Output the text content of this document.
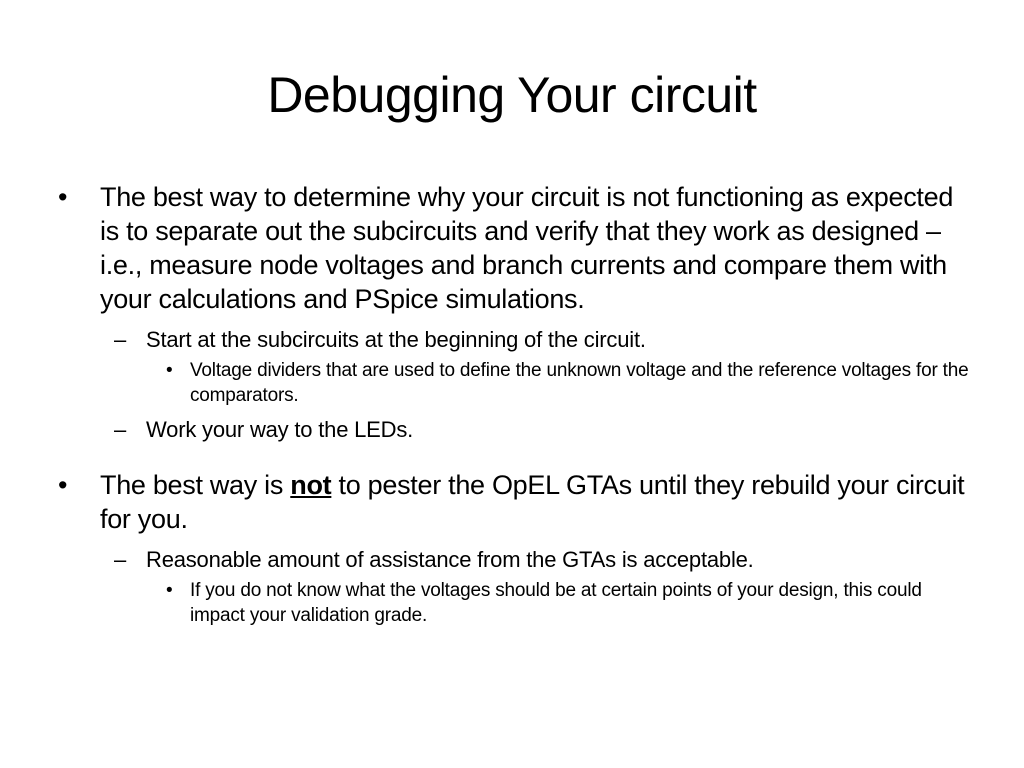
Debugging Your circuit
•	The best way to determine why your circuit is not functioning as expected is to separate out the subcircuits and verify that they work as designed – i.e., measure node voltages and branch currents and compare them with your calculations and PSpice simulations.
– Start at the subcircuits at the beginning of the circuit.
• Voltage dividers that are used to define the unknown voltage and the reference voltages for the comparators.
– Work your way to the LEDs.
•	The best way is not to pester the OpEL GTAs until they rebuild your circuit for you.
– Reasonable amount of assistance from the GTAs is acceptable.
• If you do not know what the voltages should be at certain points of your design, this could impact your validation grade.
